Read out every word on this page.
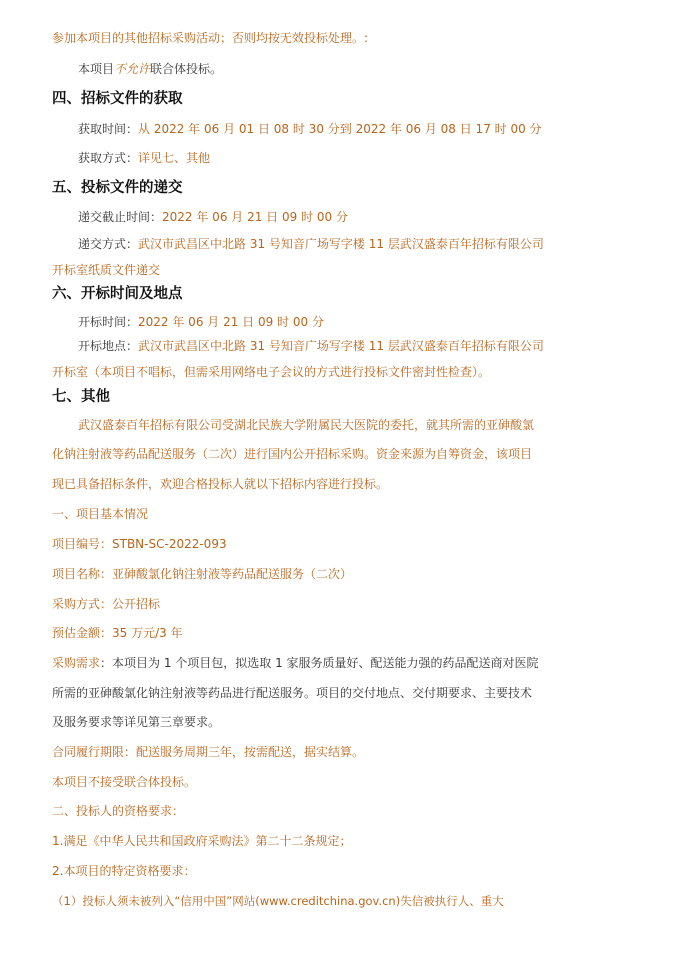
参加本项目的其他招标采购活动；否则均按无效投标处理。:
本项目不允许联合体投标。
四、招标文件的获取
获取时间：从 2022 年 06 月 01 日 08 时 30 分到 2022 年 06 月 08 日 17 时 00 分
获取方式：详见七、其他
五、投标文件的递交
递交截止时间：2022 年 06 月 21 日 09 时 00 分
递交方式：武汉市武昌区中北路 31 号知音广场写字楼 11 层武汉盛泰百年招标有限公司
开标室纸质文件递交
六、开标时间及地点
开标时间：2022 年 06 月 21 日 09 时 00 分
开标地点：武汉市武昌区中北路 31 号知音广场写字楼 11 层武汉盛泰百年招标有限公司
开标室（本项目不唱标，但需采用网络电子会议的方式进行投标文件密封性检查）。
七、其他
武汉盛泰百年招标有限公司受湖北民族大学附属民大医院的委托，就其所需的亚砷酸氯
化钠注射液等药品配送服务（二次）进行国内公开招标采购。资金来源为自筹资金，该项目
现已具备招标条件，欢迎合格投标人就以下招标内容进行投标。
一、项目基本情况
项目编号：STBN-SC-2022-093
项目名称：亚砷酸氯化钠注射液等药品配送服务（二次）
采购方式：公开招标
预估金额：35 万元/3 年
采购需求：本项目为 1 个项目包，拟选取 1 家服务质量好、配送能力强的药品配送商对医院
所需的亚砷酸氯化钠注射液等药品进行配送服务。项目的交付地点、交付期要求、主要技术
及服务要求等详见第三章要求。
合同履行期限：配送服务周期三年，按需配送，据实结算。
本项目不接受联合体投标。
二、投标人的资格要求：
1.满足《中华人民共和国政府采购法》第二十二条规定；
2.本项目的特定资格要求：
（1）投标人须未被列入“信用中国”网站(www.creditchina.gov.cn)失信被执行人、重大
